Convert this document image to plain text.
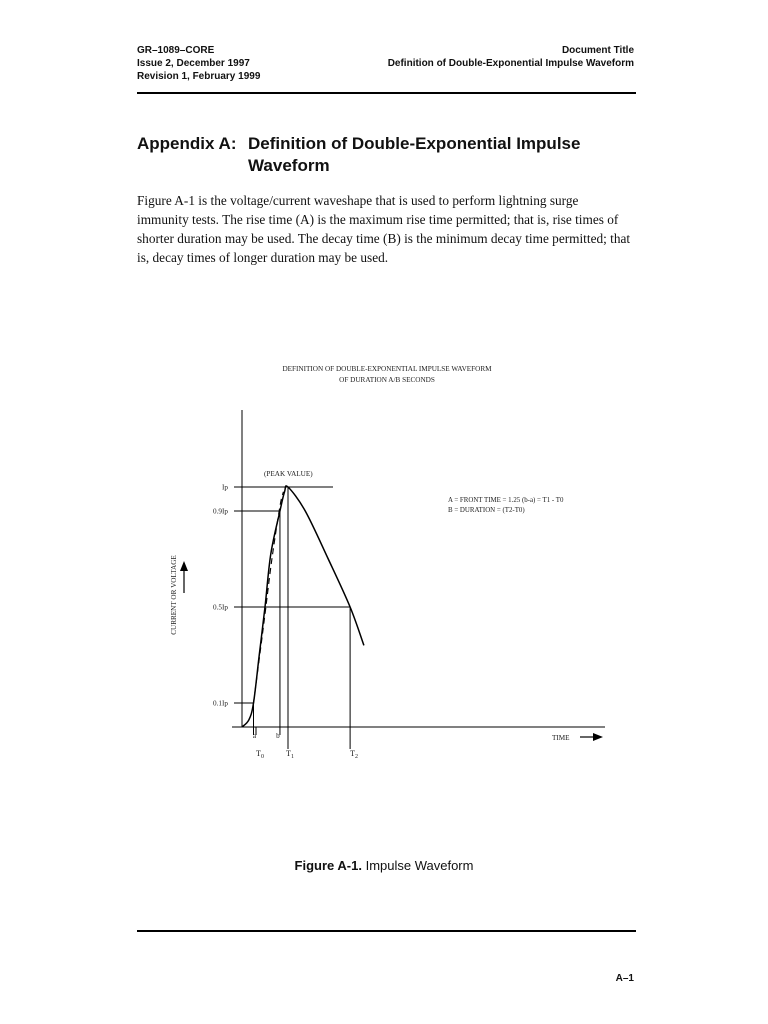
GR–1089–CORE
Issue 2, December 1997
Revision 1, February 1999
Document Title
Definition of Double-Exponential Impulse Waveform
Appendix A: Definition of Double-Exponential Impulse
Waveform

Figure A-1 is the voltage/current waveshape that is used to perform lightning surge immunity tests. The rise time (A) is the maximum rise time permitted; that is, rise times of shorter duration may be used. The decay time (B) is the minimum decay time permitted; that is, decay times of longer duration may be used.

DEFINITION OF DOUBLE-EXPONENTIAL IMPULSE WAVEFORM
OF DURATION A/B SECONDS
Ip
0.9Ip
0.5Ip
0.1Ip
CURRENT OR VOLTAGE
TIME
a	b
$T_0$	$T_1$	$T_2$
(PEAK VALUE)
A = FRONT TIME = 1.25 (b-a) = T1 - T0
B = DURATION = (T2-T0)
Figure A-1. Impulse Waveform
A–1
